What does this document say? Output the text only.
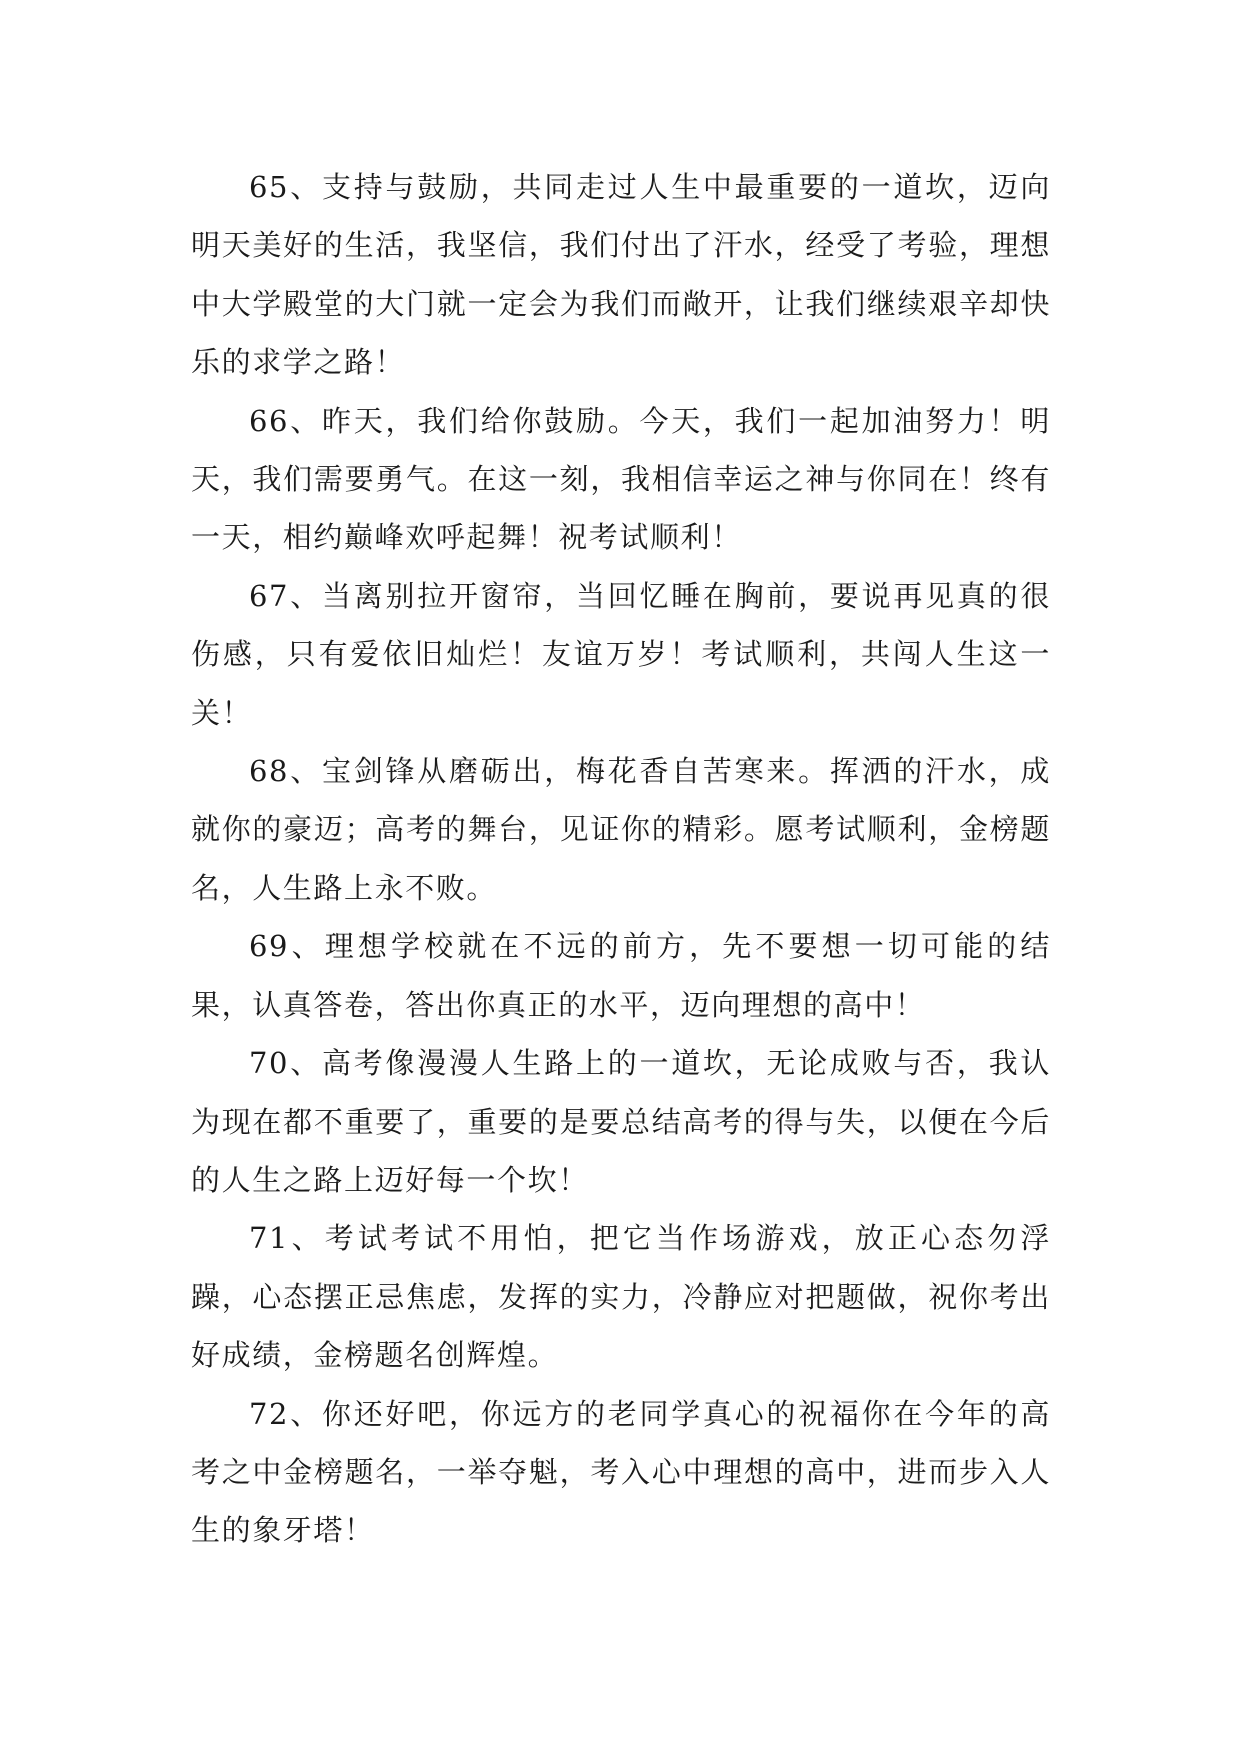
65、支持与鼓励，共同走过人生中最重要的一道坎，迈向明天美好的生活，我坚信，我们付出了汗水，经受了考验，理想中大学殿堂的大门就一定会为我们而敞开，让我们继续艰辛却快乐的求学之路！

66、昨天，我们给你鼓励。今天，我们一起加油努力！明天，我们需要勇气。在这一刻，我相信幸运之神与你同在！终有一天，相约巅峰欢呼起舞！祝考试顺利！

67、当离别拉开窗帘，当回忆睡在胸前，要说再见真的很伤感，只有爱依旧灿烂！友谊万岁！考试顺利，共闯人生这一关！

68、宝剑锋从磨砺出，梅花香自苦寒来。挥洒的汗水，成就你的豪迈；高考的舞台，见证你的精彩。愿考试顺利，金榜题名，人生路上永不败。

69、理想学校就在不远的前方，先不要想一切可能的结果，认真答卷，答出你真正的水平，迈向理想的高中！

70、高考像漫漫人生路上的一道坎，无论成败与否，我认为现在都不重要了，重要的是要总结高考的得与失，以便在今后的人生之路上迈好每一个坎！

71、考试考试不用怕，把它当作场游戏，放正心态勿浮躁，心态摆正忌焦虑，发挥的实力，冷静应对把题做，祝你考出好成绩，金榜题名创辉煌。

72、你还好吧，你远方的老同学真心的祝福你在今年的高考之中金榜题名，一举夺魁，考入心中理想的高中，进而步入人生的象牙塔！
